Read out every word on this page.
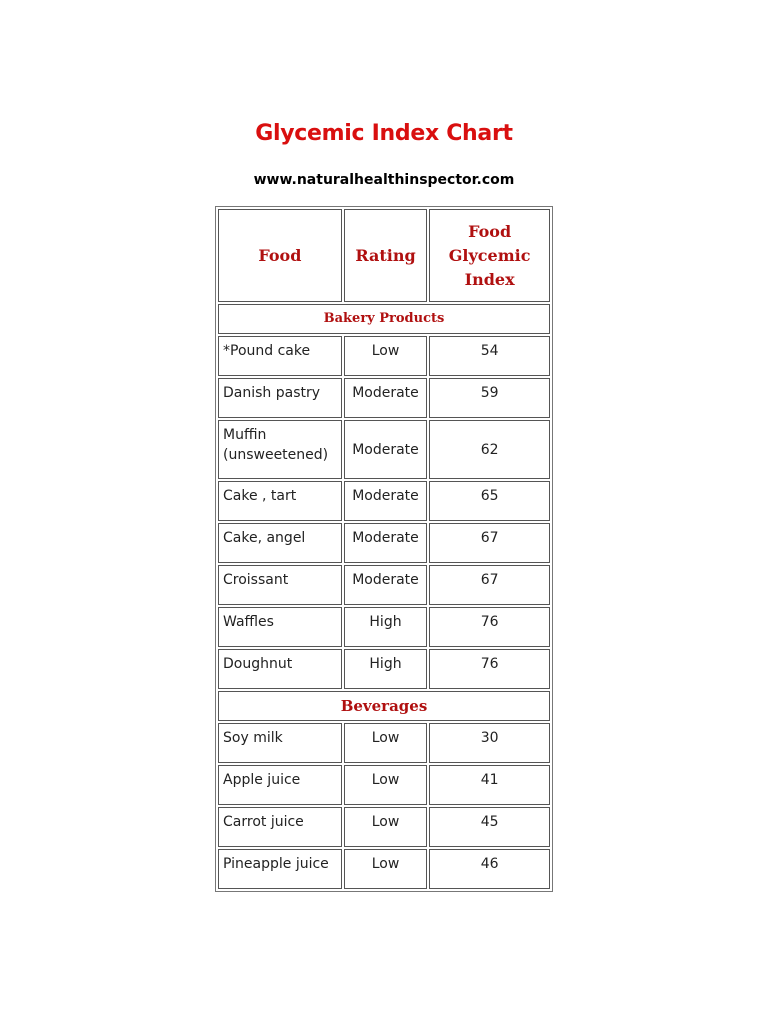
Glycemic Index Chart
www.naturalhealthinspector.com
Food	Rating	Food Glycemic Index
Bakery Products		
*Pound cake	Low	54
Danish pastry	Moderate	59
Muffin (unsweetened)	Moderate	62
Cake , tart	Moderate	65
Cake, angel	Moderate	67
Croissant	Moderate	67
Waffles	High	76
Doughnut	High	76
Beverages		
Soy milk	Low	30
Apple juice	Low	41
Carrot juice	Low	45
Pineapple juice	Low	46
